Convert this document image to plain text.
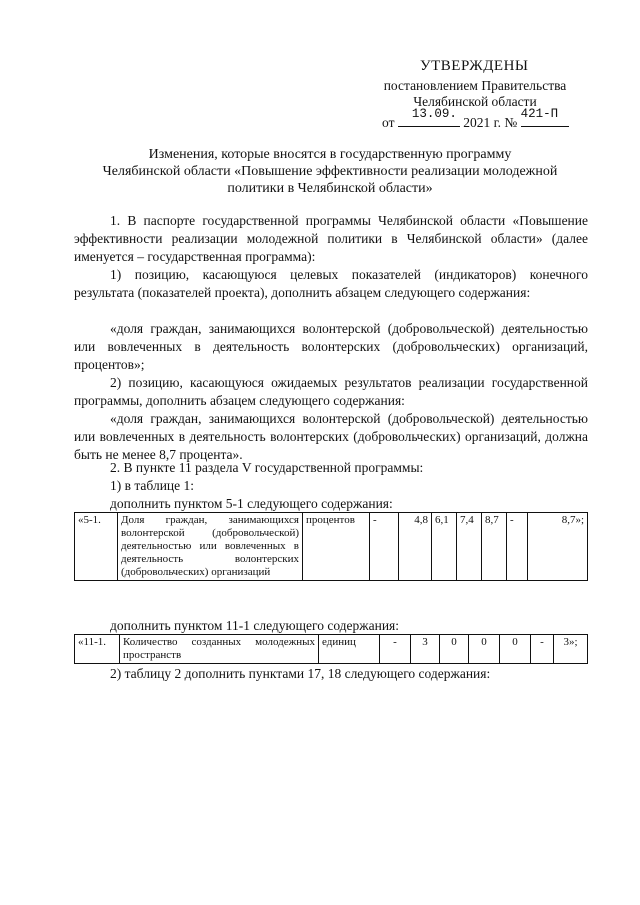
УТВЕРЖДЕНЫ
постановлением Правительства
Челябинской области
от
13.09.
2021 г. №
421-П
Изменения, которые вносятся в государственную программу
Челябинской области «Повышение эффективности реализации молодежной
политики в Челябинской области»
1. В паспорте государственной программы Челябинской области «Повышение эффективности реализации молодежной политики в Челябинской области» (далее именуется – государственная программа):
1) позицию, касающуюся целевых показателей (индикаторов) конечного результата (показателей проекта), дополнить абзацем следующего содержания:
«доля граждан, занимающихся волонтерской (добровольческой) деятельностью или вовлеченных в деятельность волонтерских (добровольческих) организаций, процентов»;
2) позицию, касающуюся ожидаемых результатов реализации государственной программы, дополнить абзацем следующего содержания:
«доля граждан, занимающихся волонтерской (добровольческой) деятельностью или вовлеченных в деятельность волонтерских (добровольческих) организаций, должна быть не менее 8,7 процента».
2. В пункте 11 раздела V государственной программы:
1) в таблице 1:
дополнить пунктом 5-1 следующего содержания:
«5-1.	Доля граждан, занимающихся волонтерской (добровольческой) деятельностью или вовлеченных в деятельность волонтерских (добровольческих) организаций	процентов	-	4,8	6,1	7,4	8,7	-	8,7»;
дополнить пунктом 11-1 следующего содержания:
«11-1.	Количество созданных молодежных пространств	единиц	-	3	0	0	0	-	3»;
2) таблицу 2 дополнить пунктами 17, 18 следующего содержания:
